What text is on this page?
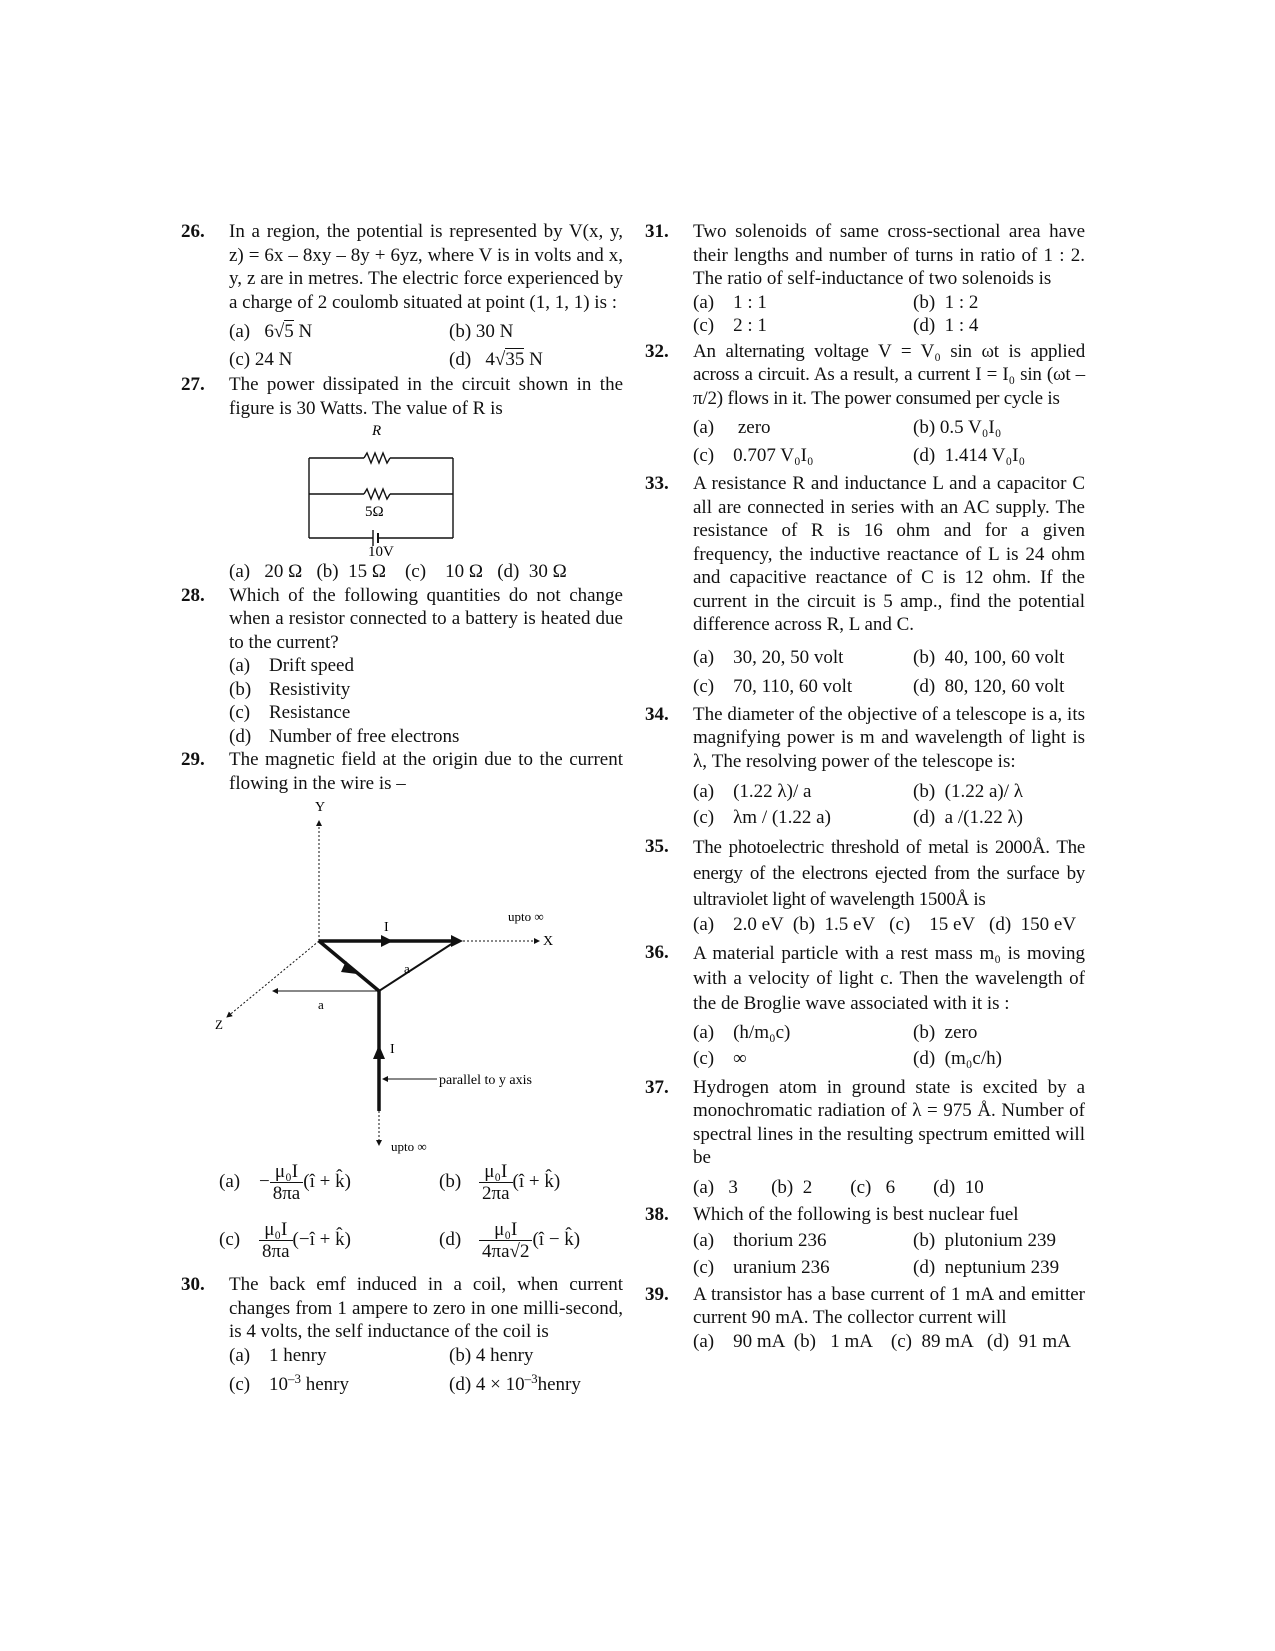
26. In a region, the potential is represented by V(x, y, z) = 6x – 8xy – 8y + 6yz, where V is in volts and x, y, z are in metres. The electric force experienced by a charge of 2 coulomb situated at point (1, 1, 1) is :
(a) 6√5 N	(b) 30 N
(c) 24 N	(d) 4√35 N
27. The power dissipated in the circuit shown in the figure is 30 Watts. The value of R is
R
5Ω
10V
(a)   20 Ω   (b)  15 Ω    (c)    10 Ω   (d)  30 Ω
28. Which of the following quantities do not change when a resistor connected to a battery is heated due to the current?
(a) Drift speed
(b) Resistivity
(c) Resistance
(d) Number of free electrons
29. The magnetic field at the origin due to the current flowing in the wire is –
Y
Z
I
upto ∞
X
a
a
I
upto ∞
parallel to y axis
$(a) - \frac{\text{μ₀I}}{8\pi a}$ (î + k̂)	$(b) \frac{\text{μ₀I}}{2\pi a}$ (î + k̂)
$(c) \frac{\text{μ₀I}}{8\pi a}$ (−î + k̂)	$(d) \frac{\text{μ₀I}}{4\pi a√2}$ (î − k̂)
30. The back emf induced in a coil, when current changes from 1 ampere to zero in one milli-second, is 4 volts, the self inductance of the coil is
(a) 1 henry	(b) 4 henry
(c) $10^{-3}$ henry	(d) $4 \times 10^{-3}henry$
31. Two solenoids of same cross-sectional area have their lengths and number of turns in ratio of 1 : 2. The ratio of self-inductance of two solenoids is
(a)    1 : 1	(b)  1 : 2
(c)    2 : 1	(d)  1 : 4
32. An alternating voltage V = V₀ sin ωt is applied across a circuit. As a result, a current I = I₀ sin (ωt – π/2) flows in it. The power consumed per cycle is
(a)     zero	(b) 0.5 V₀I₀
(c)    0.707 V₀I₀	(d)  1.414 V₀I₀
33. A resistance R and inductance L and a capacitor C all are connected in series with an AC supply. The resistance of R is 16 ohm and for a given frequency, the inductive reactance of L is 24 ohm and capacitive reactance of C is 12 ohm. If the current in the circuit is 5 amp., find the potential difference across R, L and C.
(a)    30, 20, 50 volt	(b)  40, 100, 60 volt
(c)    70, 110, 60 volt	(d)  80, 120, 60 volt
34. The diameter of the objective of a telescope is a, its magnifying power is m and wavelength of light is λ, The resolving power of the telescope is:
(a)    (1.22 λ)/ a	(b)  (1.22 a)/ λ
(c)    λm / (1.22 a)	(d)  a /(1.22 λ)
35. The photoelectric threshold of metal is 2000Å. The energy of the electrons ejected from the surface by ultraviolet light of wavelength 1500Å is
(a)    2.0 eV  (b)  1.5 eV   (c)    15 eV   (d)  150 eV
36. A material particle with a rest mass m₀ is moving with a velocity of light c. Then the wavelength of the de Broglie wave associated with it is :
(a)    (h/m₀c)	(b)  zero
(c)    ∞	(d)  (m₀c/h)
37. Hydrogen atom in ground state is excited by a monochromatic radiation of λ = 975 Å. Number of spectral lines in the resulting spectrum emitted will be
(a)   3       (b)  2        (c)   6        (d)  10
38. Which of the following is best nuclear fuel
(a)    thorium 236	(b)  plutonium 239
(c)    uranium 236	(d)  neptunium 239
39. A transistor has a base current of 1 mA and emitter current 90 mA. The collector current will
(a)    90 mA  (b)   1 mA    (c)  89 mA   (d)  91 mA
